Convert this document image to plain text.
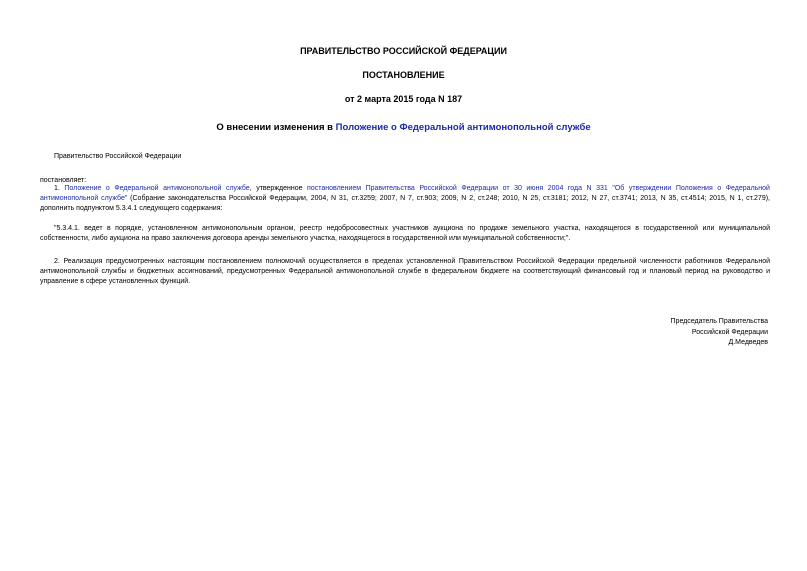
ПРАВИТЕЛЬСТВО РОССИЙСКОЙ ФЕДЕРАЦИИ
ПОСТАНОВЛЕНИЕ
от 2 марта 2015 года N 187
О внесении изменения в Положение о Федеральной антимонопольной службе
Правительство Российской Федерации
постановляет:
1. Положение о Федеральной антимонопольной службе, утвержденное постановлением Правительства Российской Федерации от 30 июня 2004 года N 331 "Об утверждении Положения о Федеральной антимонопольной службе" (Собрание законодательства Российской Федерации, 2004, N 31, ст.3259; 2007, N 7, ст.903; 2009, N 2, ст.248; 2010, N 25, ст.3181; 2012, N 27, ст.3741; 2013, N 35, ст.4514; 2015, N 1, ст.279), дополнить подпунктом 5.3.4.1 следующего содержания:
"5.3.4.1. ведет в порядке, установленном антимонопольным органом, реестр недобросовестных участников аукциона по продаже земельного участка, находящегося в государственной или муниципальной собственности, либо аукциона на право заключения договора аренды земельного участка, находящегося в государственной или муниципальной собственности;".
2. Реализация предусмотренных настоящим постановлением полномочий осуществляется в пределах установленной Правительством Российской Федерации предельной численности работников Федеральной антимонопольной службы и бюджетных ассигнований, предусмотренных Федеральной антимонопольной службе в федеральном бюджете на соответствующий финансовый год и плановый период на руководство и управление в сфере установленных функций.
Председатель Правительства
Российской Федерации
Д.Медведев
